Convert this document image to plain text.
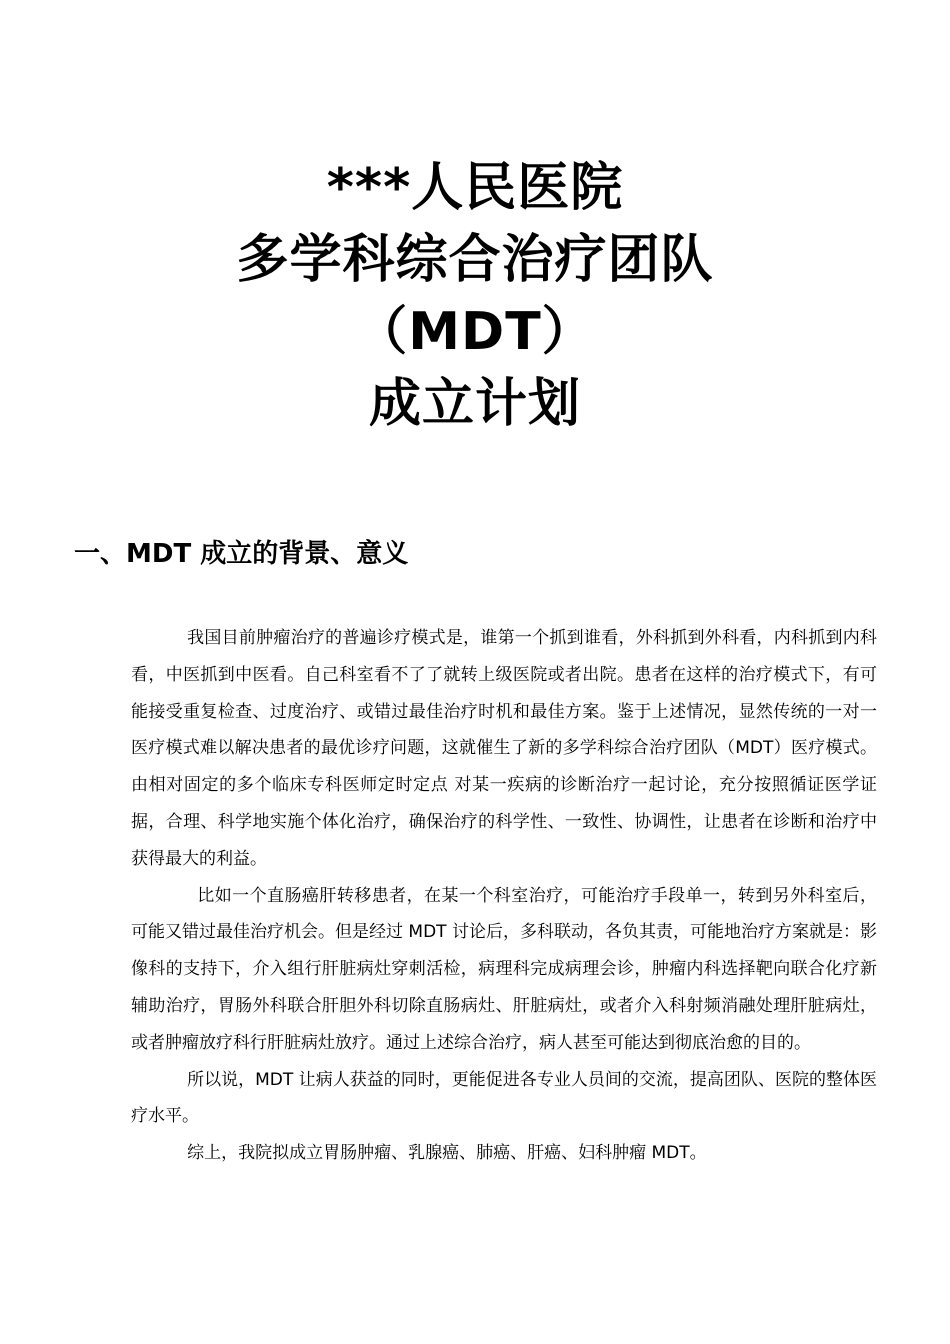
***人民医院
多学科综合治疗团队
（MDT）
成立计划
一、MDT 成立的背景、意义

我国目前肿瘤治疗的普遍诊疗模式是，谁第一个抓到谁看，外科抓到外科看，内科抓到内科看，中医抓到中医看。自己科室看不了了就转上级医院或者出院。患者在这样的治疗模式下，有可能接受重复检查、过度治疗、或错过最佳治疗时机和最佳方案。鉴于上述情况，显然传统的一对一医疗模式难以解决患者的最优诊疗问题，这就催生了新的多学科综合治疗团队（MDT）医疗模式。由相对固定的多个临床专科医师定时定点 对某一疾病的诊断治疗一起讨论，充分按照循证医学证据，合理、科学地实施个体化治疗，确保治疗的科学性、一致性、协调性，让患者在诊断和治疗中获得最大的利益。

比如一个直肠癌肝转移患者，在某一个科室治疗，可能治疗手段单一，转到另外科室后，可能又错过最佳治疗机会。但是经过 MDT 讨论后，多科联动，各负其责，可能地治疗方案就是：影像科的支持下，介入组行肝脏病灶穿刺活检，病理科完成病理会诊，肿瘤内科选择靶向联合化疗新辅助治疗，胃肠外科联合肝胆外科切除直肠病灶、肝脏病灶，或者介入科射频消融处理肝脏病灶，或者肿瘤放疗科行肝脏病灶放疗。通过上述综合治疗，病人甚至可能达到彻底治愈的目的。

所以说，MDT 让病人获益的同时，更能促进各专业人员间的交流，提高团队、医院的整体医疗水平。

综上，我院拟成立胃肠肿瘤、乳腺癌、肺癌、肝癌、妇科肿瘤 MDT。
